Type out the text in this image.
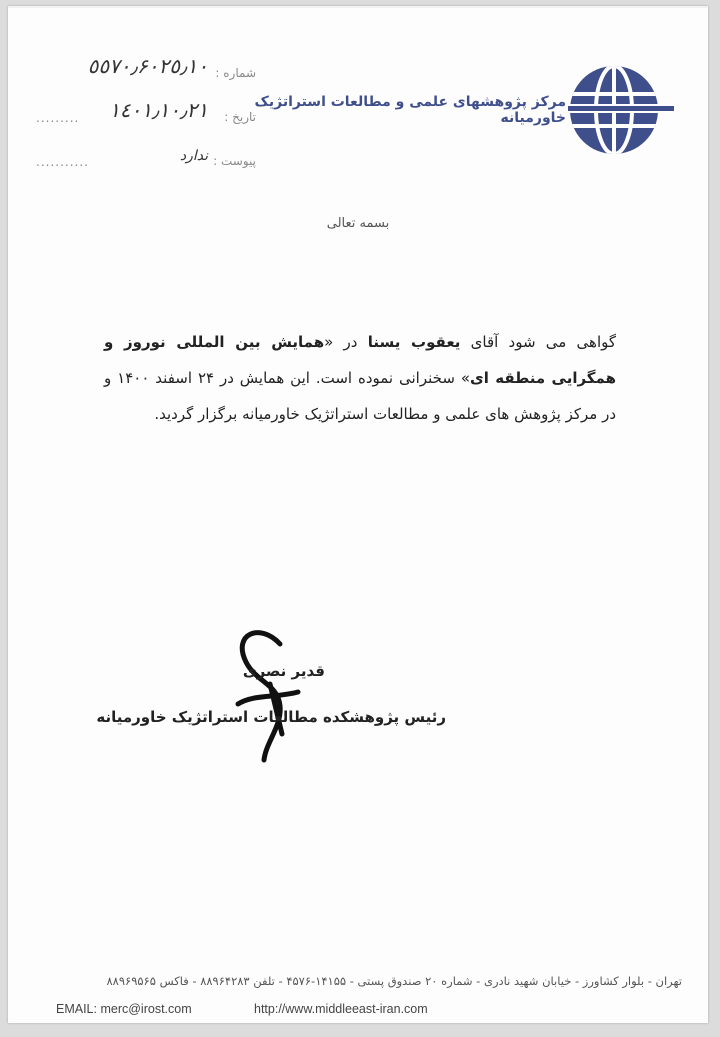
مرکز پژوهشهای علمی و مطالعات استراتژیک خاورمیانه
شماره :
٥٥٧٠٫۶٠٢٥٫١٠
تاریخ :
١٤٠١٫١٠٫٢١
.........
پیوست :
ندارد
...........
بسمه تعالی
گواهی می شود آقای یعقوب یسنا در «همایش بین المللی نوروز و همگرایی منطقه ای» سخنرانی نموده است. این همایش در ۲۴ اسفند ۱۴۰۰ و در مرکز پژوهش های علمی و مطالعات استراتژیک خاورمیانه برگزار گردید.
قدیر نصری
رئیس پژوهشکده مطالعات استراتژیک خاورمیانه
تهران - بلوار کشاورز - خیابان شهید نادری - شماره ۲۰ صندوق پستی - ۱۴۱۵۵-۴۵۷۶ - تلفن ۸۸۹۶۴۲۸۳ - فاکس ۸۸۹۶۹۵۶۵
EMAIL: merc@irost.com	http://www.middleeast-iran.com
